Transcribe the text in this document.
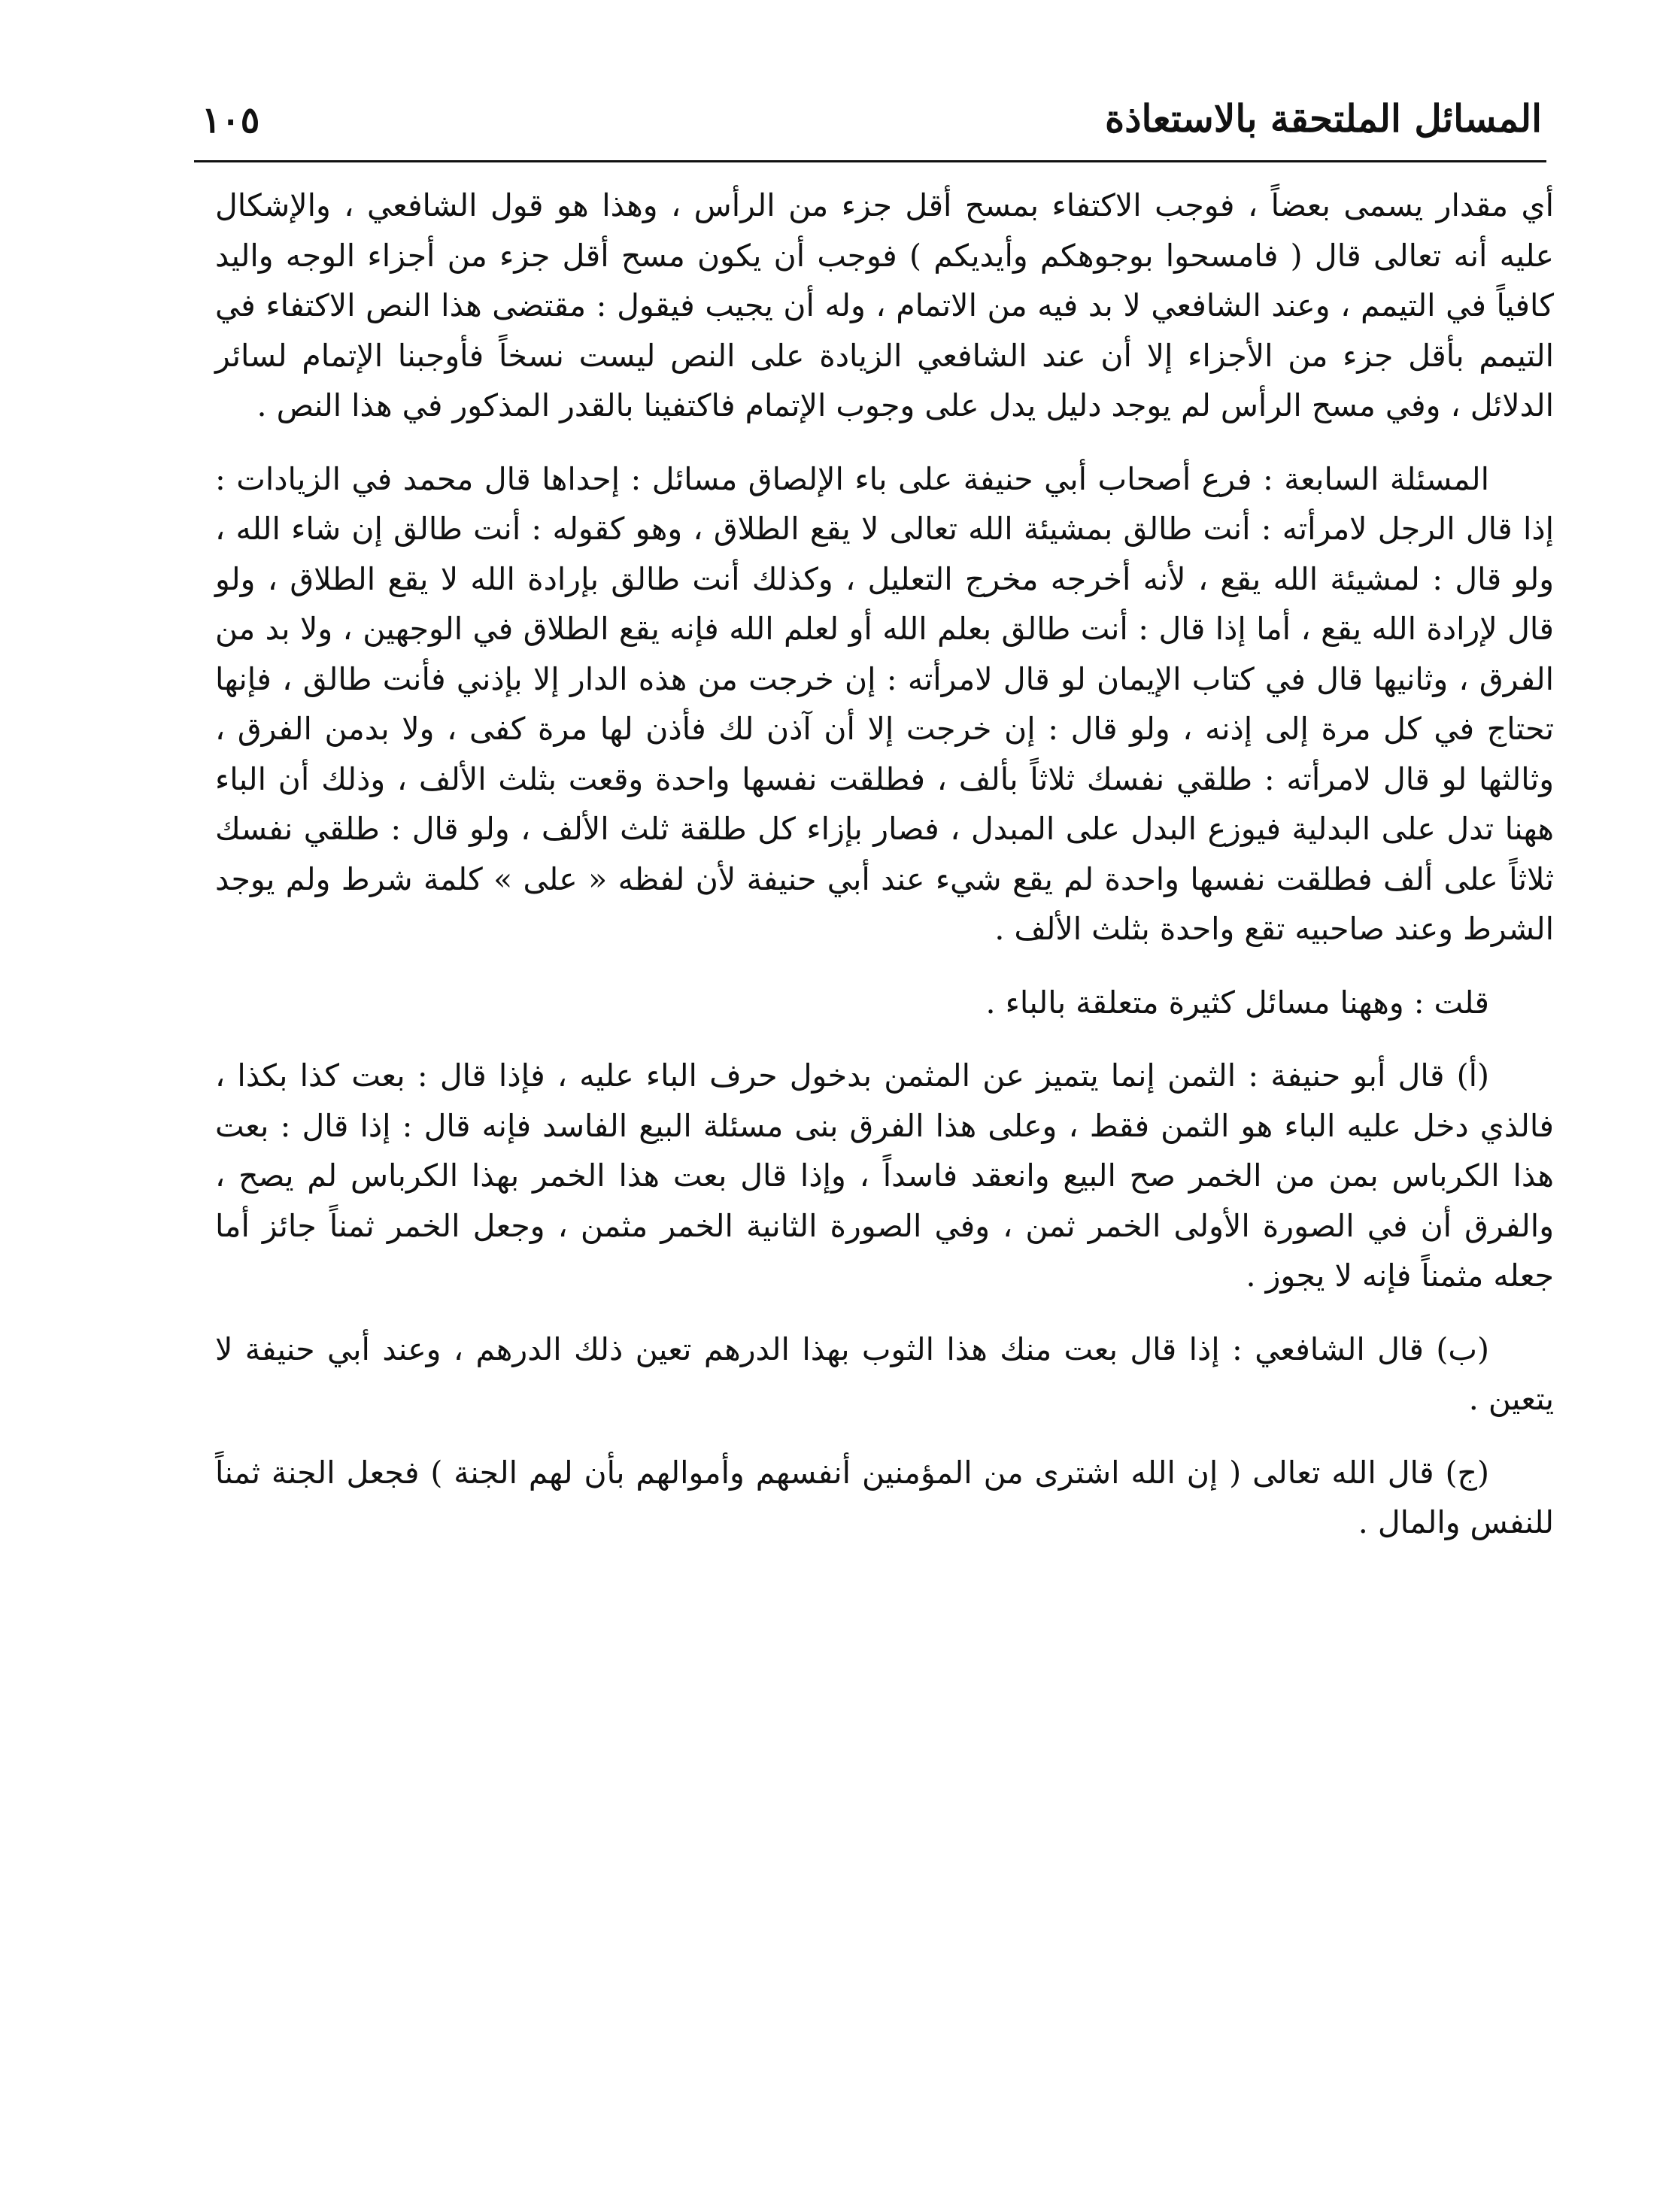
المسائل الملتحقة بالاستعاذة
١٠٥

أي مقدار يسمى بعضاً ، فوجب الاكتفاء بمسح أقل جزء من الرأس ، وهذا هو قول الشافعي ، والإشكال عليه أنه تعالى قال ( فامسحوا بوجوهكم وأيديكم ) فوجب أن يكون مسح أقل جزء من أجزاء الوجه واليد كافياً في التيمم ، وعند الشافعي لا بد فيه من الاتمام ، وله أن يجيب فيقول : مقتضى هذا النص الاكتفاء في التيمم بأقل جزء من الأجزاء إلا أن عند الشافعي الزيادة على النص ليست نسخاً فأوجبنا الإتمام لسائر الدلائل ، وفي مسح الرأس لم يوجد دليل يدل على وجوب الإتمام فاكتفينا بالقدر المذكور في هذا النص .

المسئلة السابعة : فرع أصحاب أبي حنيفة على باء الإلصاق مسائل : إحداها قال محمد في الزيادات : إذا قال الرجل لامرأته : أنت طالق بمشيئة الله تعالى لا يقع الطلاق ، وهو كقوله : أنت طالق إن شاء الله ، ولو قال : لمشيئة الله يقع ، لأنه أخرجه مخرج التعليل ، وكذلك أنت طالق بإرادة الله لا يقع الطلاق ، ولو قال لإرادة الله يقع ، أما إذا قال : أنت طالق بعلم الله أو لعلم الله فإنه يقع الطلاق في الوجهين ، ولا بد من الفرق ، وثانيها قال في كتاب الإيمان لو قال لامرأته : إن خرجت من هذه الدار إلا بإذني فأنت طالق ، فإنها تحتاج في كل مرة إلى إذنه ، ولو قال : إن خرجت إلا أن آذن لك فأذن لها مرة كفى ، ولا بدمن الفرق ، وثالثها لو قال لامرأته : طلقي نفسك ثلاثاً بألف ، فطلقت نفسها واحدة وقعت بثلث الألف ، وذلك أن الباء ههنا تدل على البدلية فيوزع البدل على المبدل ، فصار بإزاء كل طلقة ثلث الألف ، ولو قال : طلقي نفسك ثلاثاً على ألف فطلقت نفسها واحدة لم يقع شيء عند أبي حنيفة لأن لفظه « على » كلمة شرط ولم يوجد الشرط وعند صاحبيه تقع واحدة بثلث الألف .

قلت : وههنا مسائل كثيرة متعلقة بالباء .

(أ) قال أبو حنيفة : الثمن إنما يتميز عن المثمن بدخول حرف الباء عليه ، فإذا قال : بعت كذا بكذا ، فالذي دخل عليه الباء هو الثمن فقط ، وعلى هذا الفرق بنى مسئلة البيع الفاسد فإنه قال : إذا قال : بعت هذا الكرباس بمن من الخمر صح البيع وانعقد فاسداً ، وإذا قال بعت هذا الخمر بهذا الكرباس لم يصح ، والفرق أن في الصورة الأولى الخمر ثمن ، وفي الصورة الثانية الخمر مثمن ، وجعل الخمر ثمناً جائز أما جعله مثمناً فإنه لا يجوز .

(ب) قال الشافعي : إذا قال بعت منك هذا الثوب بهذا الدرهم تعين ذلك الدرهم ، وعند أبي حنيفة لا يتعين .

(ج) قال الله تعالى ( إن الله اشترى من المؤمنين أنفسهم وأموالهم بأن لهم الجنة ) فجعل الجنة ثمناً للنفس والمال .
